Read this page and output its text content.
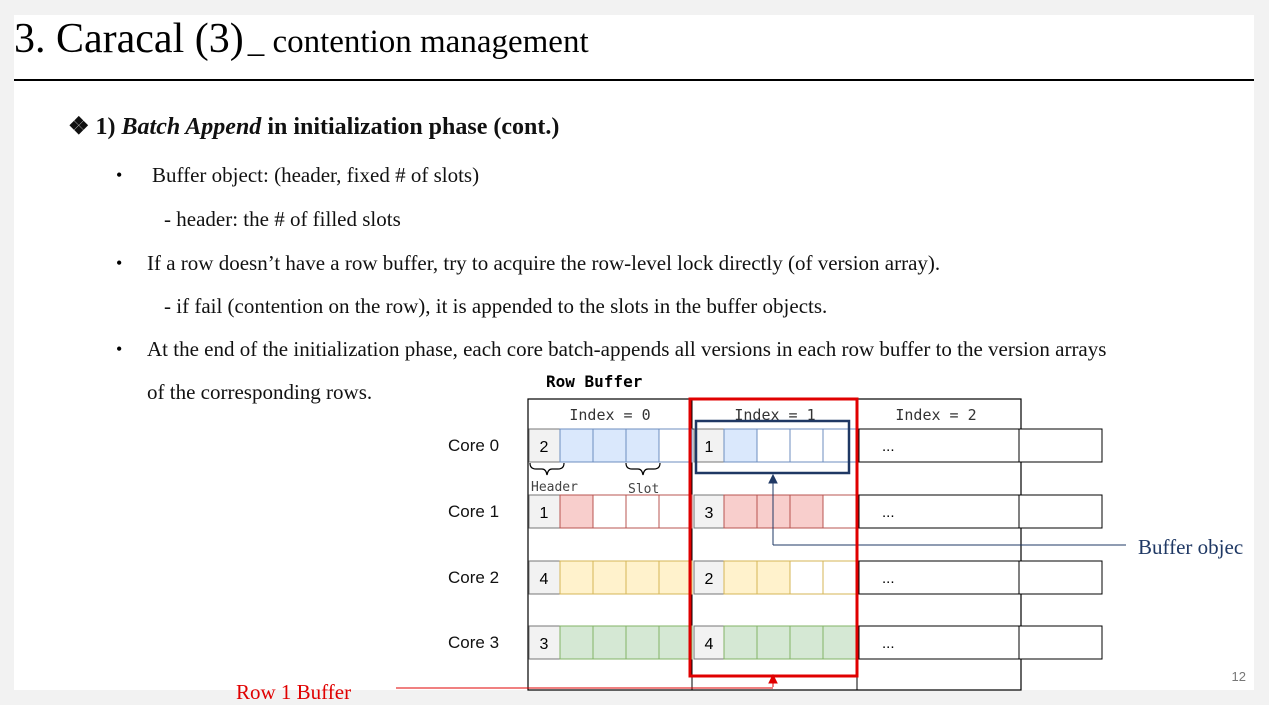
3. Caracal (3) _ contention management
❖ 1) Batch Append in initialization phase (cont.)
• Buffer object: (header, fixed # of slots)
- header: the # of filled slots
• If a row doesn’t have a row buffer, try to acquire the row-level lock directly (of version array).
- if fail (contention on the row), it is appended to the slots in the buffer objects.
• At the end of the initialization phase, each core batch-appends all versions in each row buffer to the version arrays
of the corresponding rows.	Row Buffer
Index = 0	Index = 1	Index = 2
Core 0	2	1	...
Core 1	1	3	...
Core 2	4	2	...
Core 3	3	4	...
Header	Slot
Buffer objec
Row 1 Buffer
12
